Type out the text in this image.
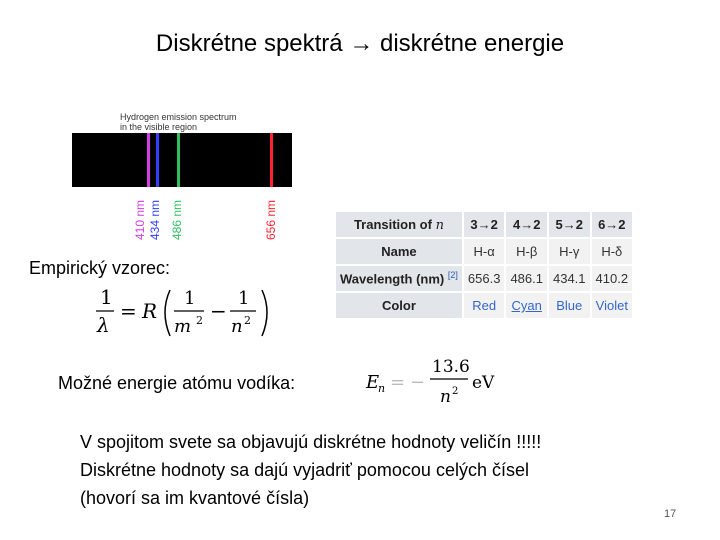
Diskrétne spektrá → diskrétne energie
Hydrogen emission spectrum
in the visible region
410 nm 434 nm 486 nm	656 nm	Transition of n	3→2	4→2	5→2	6→2
Name	H-α	H-β	H-γ	H-δ
Wavelength (nm) [2]	656.3	486.1	434.1	410.2
Color	Red	Cyan	Blue	Violet
Empirický vzorec:
1
λ
= R
1
m 2 −
1
n 2
Možné energie atómu vodíka:	E
n = −
13.6
n 2 eV
V spojitom svete sa objavujú diskrétne hodnoty veličín !!!!!
Diskrétne hodnoty sa dajú vyjadriť pomocou celých čísel
(hovorí sa im kvantové čísla)
17
